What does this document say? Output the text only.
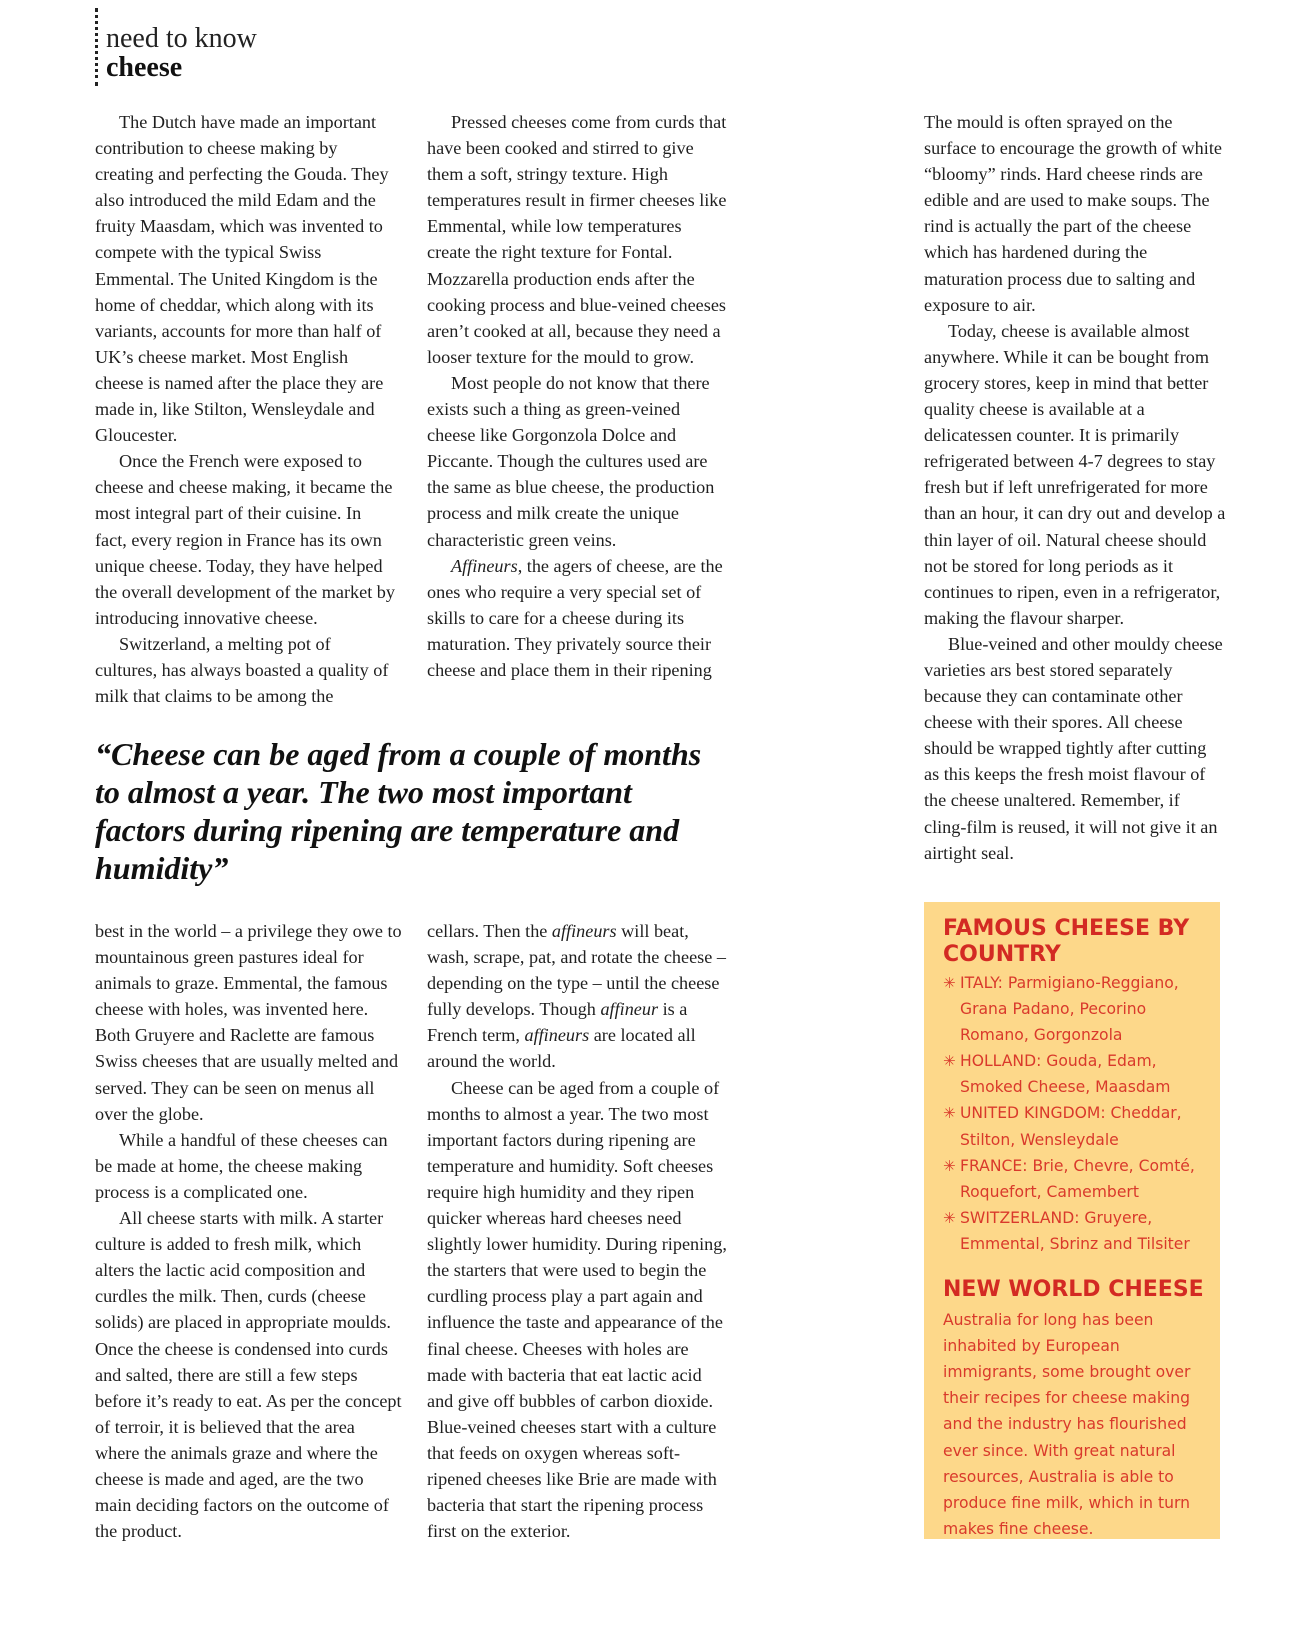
need to know
cheese

The Dutch have made an important contribution to cheese making by creating and perfecting the Gouda. They also introduced the mild Edam and the fruity Maasdam, which was invented to compete with the typical Swiss Emmental. The United Kingdom is the home of cheddar, which along with its variants, accounts for more than half of UK’s cheese market. Most English cheese is named after the place they are made in, like Stilton, Wensleydale and Gloucester.

Once the French were exposed to cheese and cheese making, it became the most integral part of their cuisine. In fact, every region in France has its own unique cheese. Today, they have helped the overall development of the market by introducing innovative cheese.

Switzerland, a melting pot of cultures, has always boasted a quality of milk that claims to be among the

Pressed cheeses come from curds that have been cooked and stirred to give them a soft, stringy texture. High temperatures result in firmer cheeses like Emmental, while low temperatures create the right texture for Fontal. Mozzarella production ends after the cooking process and blue-veined cheeses aren’t cooked at all, because they need a looser texture for the mould to grow.

Most people do not know that there exists such a thing as green-veined cheese like Gorgonzola Dolce and Piccante. Though the cultures used are the same as blue cheese, the production process and milk create the unique characteristic green veins.

Affineurs, the agers of cheese, are the ones who require a very special set of skills to care for a cheese during its maturation. They privately source their cheese and place them in their ripening

“Cheese can be aged from a couple of months to almost a year. The two most important factors during ripening are temperature and humidity”

The mould is often sprayed on the surface to encourage the growth of white “bloomy” rinds. Hard cheese rinds are edible and are used to make soups. The rind is actually the part of the cheese which has hardened during the maturation process due to salting and exposure to air.

Today, cheese is available almost anywhere. While it can be bought from grocery stores, keep in mind that better quality cheese is available at a delicatessen counter. It is primarily refrigerated between 4-7 degrees to stay fresh but if left unrefrigerated for more than an hour, it can dry out and develop a thin layer of oil. Natural cheese should not be stored for long periods as it continues to ripen, even in a refrigerator, making the flavour sharper.

Blue-veined and other mouldy cheese varieties ars best stored separately because they can contaminate other cheese with their spores. All cheese should be wrapped tightly after cutting as this keeps the fresh moist flavour of the cheese unaltered. Remember, if cling-film is reused, it will not give it an airtight seal.

best in the world – a privilege they owe to mountainous green pastures ideal for animals to graze. Emmental, the famous cheese with holes, was invented here. Both Gruyere and Raclette are famous Swiss cheeses that are usually melted and served. They can be seen on menus all over the globe.

While a handful of these cheeses can be made at home, the cheese making process is a complicated one.

All cheese starts with milk. A starter culture is added to fresh milk, which alters the lactic acid composition and curdles the milk. Then, curds (cheese solids) are placed in appropriate moulds. Once the cheese is condensed into curds and salted, there are still a few steps before it’s ready to eat. As per the concept of terroir, it is believed that the area where the animals graze and where the cheese is made and aged, are the two main deciding factors on the outcome of the product.

cellars. Then the affineurs will beat, wash, scrape, pat, and rotate the cheese – depending on the type – until the cheese fully develops. Though affineur is a French term, affineurs are located all around the world.

Cheese can be aged from a couple of months to almost a year. The two most important factors during ripening are temperature and humidity. Soft cheeses require high humidity and they ripen quicker whereas hard cheeses need slightly lower humidity. During ripening, the starters that were used to begin the curdling process play a part again and influence the taste and appearance of the final cheese. Cheeses with holes are made with bacteria that eat lactic acid and give off bubbles of carbon dioxide. Blue-veined cheeses start with a culture that feeds on oxygen whereas soft-ripened cheeses like Brie are made with bacteria that start the ripening process first on the exterior.

FAMOUS CHEESE BY COUNTRY
✳ ITALY: Parmigiano-Reggiano, Grana Padano, Pecorino Romano, Gorgonzola
✳ HOLLAND: Gouda, Edam, Smoked Cheese, Maasdam
✳ UNITED KINGDOM: Cheddar, Stilton, Wensleydale
✳ FRANCE: Brie, Chevre, Comté, Roquefort, Camembert
✳ SWITZERLAND: Gruyere, Emmental, Sbrinz and Tilsiter
NEW WORLD CHEESE
Australia for long has been inhabited by European immigrants, some brought over their recipes for cheese making and the industry has flourished ever since. With great natural resources, Australia is able to produce fine milk, which in turn makes fine cheese.
